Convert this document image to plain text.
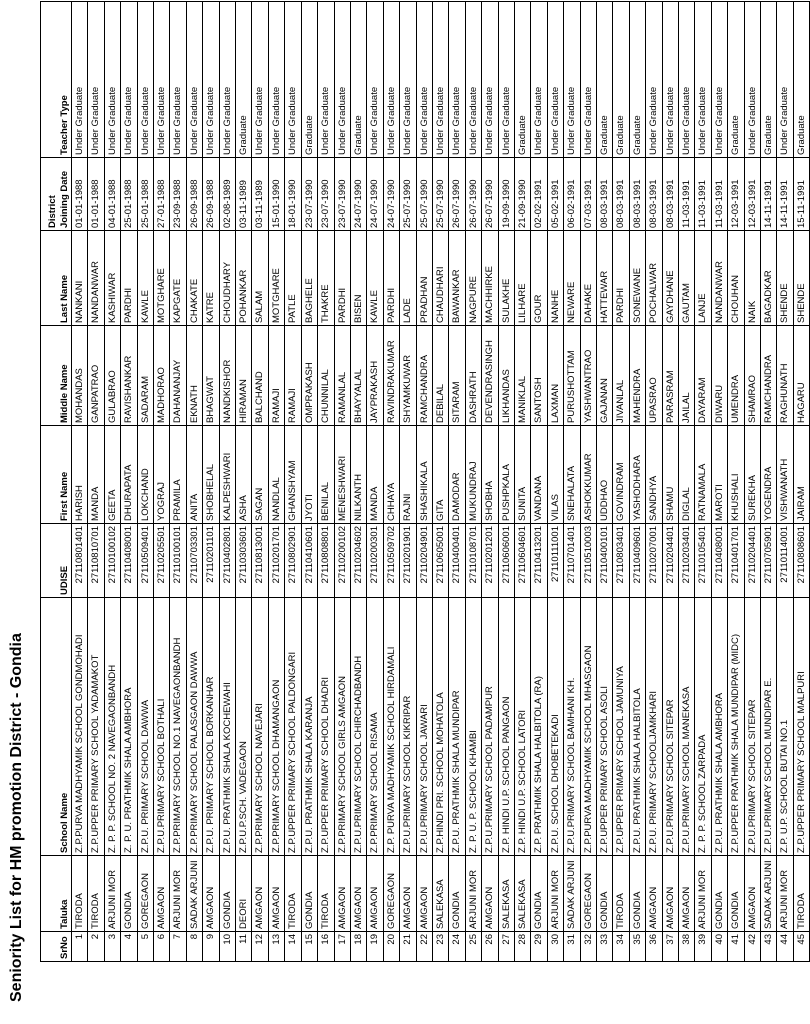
Seniority List for HM promotion District - Gondia	SrNo	Taluka	School Name	UDISE	First Name	Middle Name	Last Name	District Joining Date	Teacher Type
1	TIRODA	Z.P.PURVA MADHYAMIK SCHOOL GONDMOHADI	27110801401	HARISH	MOHANDAS	NANKANI	01-01-1988	Under Graduate
2	TIRODA	Z.P.UPPER PRIMARY SCHOOL YADAMAKOT	27110810701	MANDA	GANPATRAO	NANDANWAR	01-01-1988	Under Graduate
3	ARJUNI MOR	Z. P. P. SCHOOL NO. 2 NAVEGAONBANDH	27110100102	GEETA	GULABRAO	KASHIWAR	04-01-1988	Under Graduate
4	GONDIA	Z. P. U. PRATHMIK SHALA AMBHORA	27110408001	DHURAPATA	RAVISHANKAR	PARDHI	25-01-1988	Under Graduate
5	GOREGAON	Z.P.U. PRIMARY SCHOOL DAWWA	27110509401	LOKCHAND	SADARAM	KAWLE	25-01-1988	Under Graduate
6	AMGAON	Z.P.U.PRIMARY SCHOOL BOTHALI	27110205501	YOGRAJ	MADHORAO	MOTGHARE	27-01-1988	Under Graduate
7	ARJUNI MOR	Z.P.PRIMARY SCHOOL NO.1 NAVEGAONBANDH	27110100101	PRAMILA	DAHANANJAY	KAPGATE	23-09-1988	Under Graduate
8	SADAK ARJUNI	Z.P.PRIMARY SCHOOL PALASGAON DAWWA	27110703301	ANITA	EKNATH	CHAKATE	26-09-1988	Under Graduate
9	AMGAON	Z.P.U. PRIMARY SCHOOL BORKANHAR	27110201101	SHOBHELAL	BHAGWAT	KATRE	26-09-1988	Under Graduate
10	GONDIA	Z.P.U. PRATHMIK SHALA KOCHEWAHI	27110402801	KALPESHWARI	NANDKISHOR	CHOUDHARY	02-08-1989	Under Graduate
11	DEORI	Z.P.U.P.SCH. VADEGAON	27110303601	ASHA	HIRAMAN	POHANKAR	03-11-1989	Graduate
12	AMGAON	Z.P.PRIMARY SCHOOL NAVEJARI	27110813001	SAGAN	BALCHAND	SALAM	03-11-1989	Under Graduate
13	AMGAON	Z.P.PRIMARY SCHOOL DHAMANGAON	27110201701	NANDLAL	RAMAJI	MOTGHARE	15-01-1990	Under Graduate
14	TIRODA	Z.P.UPPER PRIMARY SCHOOL PALDONGARI	27110802901	GHANSHYAM	RAMAJI	PATLE	18-01-1990	Under Graduate
15	GONDIA	Z.P.U. PRATHMIK SHALA KARANJA	27110410601	JYOTI	OMPRAKASH	BAGHELE	23-07-1990	Graduate
16	TIRODA	Z.P.UPPER PRIMARY SCHOOL DHADRI	27110808801	BENILAL	CHUNNILAL	THAKRE	23-07-1990	Under Graduate
17	AMGAON	Z.P.PRIMARY SCHOOL GIRLS AMGAON	27110200102	MENESHWARI	RAMANLAL	PARDHI	23-07-1990	Under Graduate
18	AMGAON	Z.P.U.PRIMARY SCHOOL CHIRCHADBANDH	27110204602	NILKANTH	BHAYYALAL	BISEN	24-07-1990	Graduate
19	AMGAON	Z.P.PRIMARY SCHOOL RISAMA	27110200301	MANDA	JAYPRAKASH	KAWLE	24-07-1990	Under Graduate
20	GOREGAON	Z.P. PURVA MADHYAMIK SCHOOL HIRDAMALI	27110509702	CHHAYA	RAVINDRAKUMAR	PARDHI	24-07-1990	Under Graduate
21	AMGAON	Z.P.U.PRIMARY SCHOOL KIKRIPAR	27110201901	RAJNI	SHYAMKUWAR	LADE	25-07-1990	Under Graduate
22	AMGAON	Z.P.U.PRIMARY SCHOOL JAWARI	27110204901	SHASHIKALA	RAMCHANDRA	PRADHAN	25-07-1990	Under Graduate
23	SALEKASA	Z.P.HINDI PRI. SCHOOL MOHATOLA	27110605001	GITA	DEBILAL	CHAUDHARI	25-07-1990	Under Graduate
24	GONDIA	Z.P.U. PRATHMIK SHALA MUNDIPAR	27110400401	DAMODAR	SITARAM	BAWANKAR	26-07-1990	Under Graduate
25	ARJUNI MOR	Z. P. U. P. SCHOOL KHAMBI	27110108701	MUKUNDRAJ	DASHRATH	NAGPURE	26-07-1990	Under Graduate
26	AMGAON	Z.P.U.PRIMARY SCHOOL PADAMPUR	27110201201	SHOBHA	DEVENDRASINGH	MACHHIRKE	26-07-1990	Under Graduate
27	SALEKASA	Z.P. HINDI U.P. SCHOOL PANGAON	27110606001	PUSHPKALA	LIKHANDAS	SULAKHE	19-09-1990	Under Graduate
28	SALEKASA	Z.P. HINDI U.P. SCHOOL LATORI	27110604601	SUNITA	MANIKLAL	LILHARE	21-09-1990	Graduate
29	GONDIA	Z.P. PRATHMIK SHALA HALBITOLA (RA)	27110413201	VANDANA	SANTOSH	GOUR	02-02-1991	Under Graduate
30	ARJUNI MOR	Z.P.U. SCHOOL DHOBETEKADI	27110111001	VILAS	LAXMAN	NANHE	05-02-1991	Under Graduate
31	SADAK ARJUNI	Z.P.U.PRIMARY SCHOOL BAMHANI KH.	27110701401	SNEHALATA	PURUSHOTTAM	NEWARE	06-02-1991	Under Graduate
32	GOREGAON	Z.P.PURVA MADHYAMIK SCHOOL MHASGAON	27110510003	ASHOKKUMAR	YASHWANTRAO	DAHAKE	07-03-1991	Under Graduate
33	GONDIA	Z.P.UPPER PRIMARY SCHOOL ASOLI	27110400101	UDDHAO	GAJANAN	HATTEWAR	08-03-1991	Graduate
34	TIRODA	Z.P.UPPER PRIMARY SCHOOL JAMUNIYA	27110803401	GOVINDRAM	JIVANLAL	PARDHI	08-03-1991	Graduate
35	GONDIA	Z.P.U. PRATHMIK SHALA HALBITOLA	27110409601	YASHODHARA	MAHENDRA	SONEWANE	08-03-1991	Graduate
36	AMGAON	Z.P.U. PRIMARY SCHOOLJAMKHARI	27110207001	SANDHYA	UPASRAO	POCHALWAR	08-03-1991	Under Graduate
37	AMGAON	Z.P.U.PRIMARY SCHOOL SITEPAR	27110204401	SHAMU	PARASRAM	GAYDHANE	08-03-1991	Under Graduate
38	AMGAON	Z.P.U.PRIMARY SCHOOL MANEKASA	27110203401	DIGLAL	JAILAL	GAUTAM	11-03-1991	Under Graduate
39	ARJUNI MOR	Z. P. P. SCHOOL ZARPADA	27110105401	RATNAMALA	DAYARAM	LANJE	11-03-1991	Under Graduate
40	GONDIA	Z.P.U. PRATHMIK SHALA AMBHORA	27110408001	MAROTI	DIWARU	NANDANWAR	11-03-1991	Under Graduate
41	GONDIA	Z.P.UPPER PRATHMIK SHALA MUNDIPAR (MIDC)	27110401701	KHUSHALI	UMENDRA	CHOUHAN	12-03-1991	Graduate
42	AMGAON	Z.P.U.PRIMARY SCHOOL SITEPAR	27110204401	SUREKHA	SHAMRAO	NAIK	12-03-1991	Under Graduate
43	SADAK ARJUNI	Z.P.U.PRIMARY SCHOOL MUNDIPAR E.	27110705901	YOGENDRA	RAMCHANDRA	BAGADKAR	14-11-1991	Graduate
44	ARJUNI MOR	Z.P. U.P. SCHOOL BUTAI NO.1	27110114001	VISHWANATH	RAGHUNATH	SHENDE	14-11-1991	Under Graduate
45	TIRODA	Z.P.UPPER PRIMARY SCHOOL MALPURI	27110808601	JAIRAM	HAGARU	SHENDE	15-11-1991	Graduate
